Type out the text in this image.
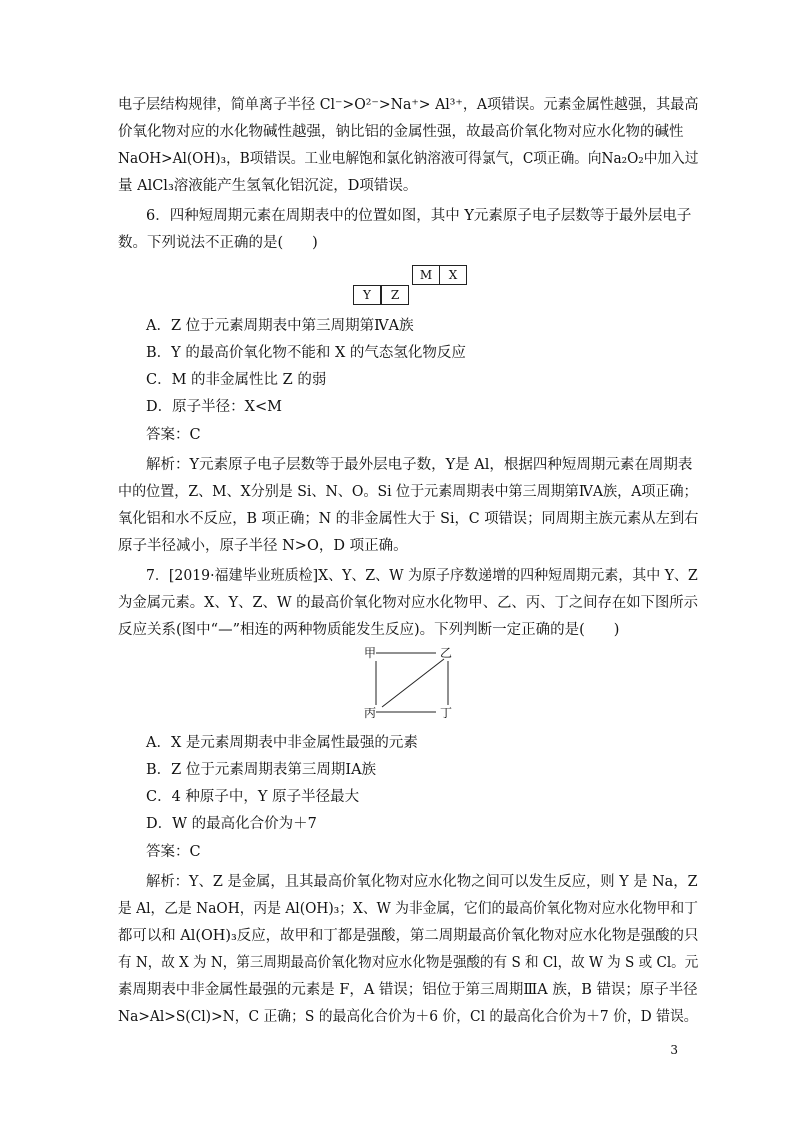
电子层结构规律，简单离子半径 Cl⁻>O²⁻>Na⁺> Al³⁺，A项错误。元素金属性越强，其最高
价氧化物对应的水化物碱性越强，钠比铝的金属性强，故最高价氧化物对应水化物的碱性
NaOH>Al(OH)₃，B项错误。工业电解饱和氯化钠溶液可得氯气，C项正确。向Na₂O₂中加入过
量 AlCl₃溶液能产生氢氧化铝沉淀，D项错误。
6．四种短周期元素在周期表中的位置如图，其中 Y元素原子电子层数等于最外层电子
数。下列说法不正确的是(　　)
M	X
Y	Z
A．Z 位于元素周期表中第三周期第ⅣA族
B．Y 的最高价氧化物不能和 X 的气态氢化物反应
C．M 的非金属性比 Z 的弱
D．原子半径：X<M
答案：C
解析：Y元素原子电子层数等于最外层电子数，Y是 Al，根据四种短周期元素在周期表
中的位置，Z、M、X分别是 Si、N、O。Si 位于元素周期表中第三周期第ⅣA族，A项正确；
氧化铝和水不反应，B 项正确；N 的非金属性大于 Si，C 项错误；同周期主族元素从左到右
原子半径减小，原子半径 N>O，D 项正确。
7．[2019·福建毕业班质检]X、Y、Z、W 为原子序数递增的四种短周期元素，其中 Y、Z
为金属元素。X、Y、Z、W 的最高价氧化物对应水化物甲、乙、丙、丁之间存在如下图所示
反应关系(图中“—”相连的两种物质能发生反应)。下列判断一定正确的是(　　)
甲	乙
丙	丁
A．X 是元素周期表中非金属性最强的元素
B．Z 位于元素周期表第三周期ⅠA族
C．4 种原子中，Y 原子半径最大
D．W 的最高化合价为＋7
答案：C
解析：Y、Z 是金属，且其最高价氧化物对应水化物之间可以发生反应，则 Y 是 Na，Z
是 Al，乙是 NaOH，丙是 Al(OH)₃；X、W 为非金属，它们的最高价氧化物对应水化物甲和丁
都可以和 Al(OH)₃反应，故甲和丁都是强酸，第二周期最高价氧化物对应水化物是强酸的只
有 N，故 X 为 N，第三周期最高价氧化物对应水化物是强酸的有 S 和 Cl，故 W 为 S 或 Cl。元
素周期表中非金属性最强的元素是 F，A 错误；铝位于第三周期ⅢA 族，B 错误；原子半径
Na>Al>S(Cl)>N，C 正确；S 的最高化合价为＋6 价，Cl 的最高化合价为＋7 价，D 错误。
3
